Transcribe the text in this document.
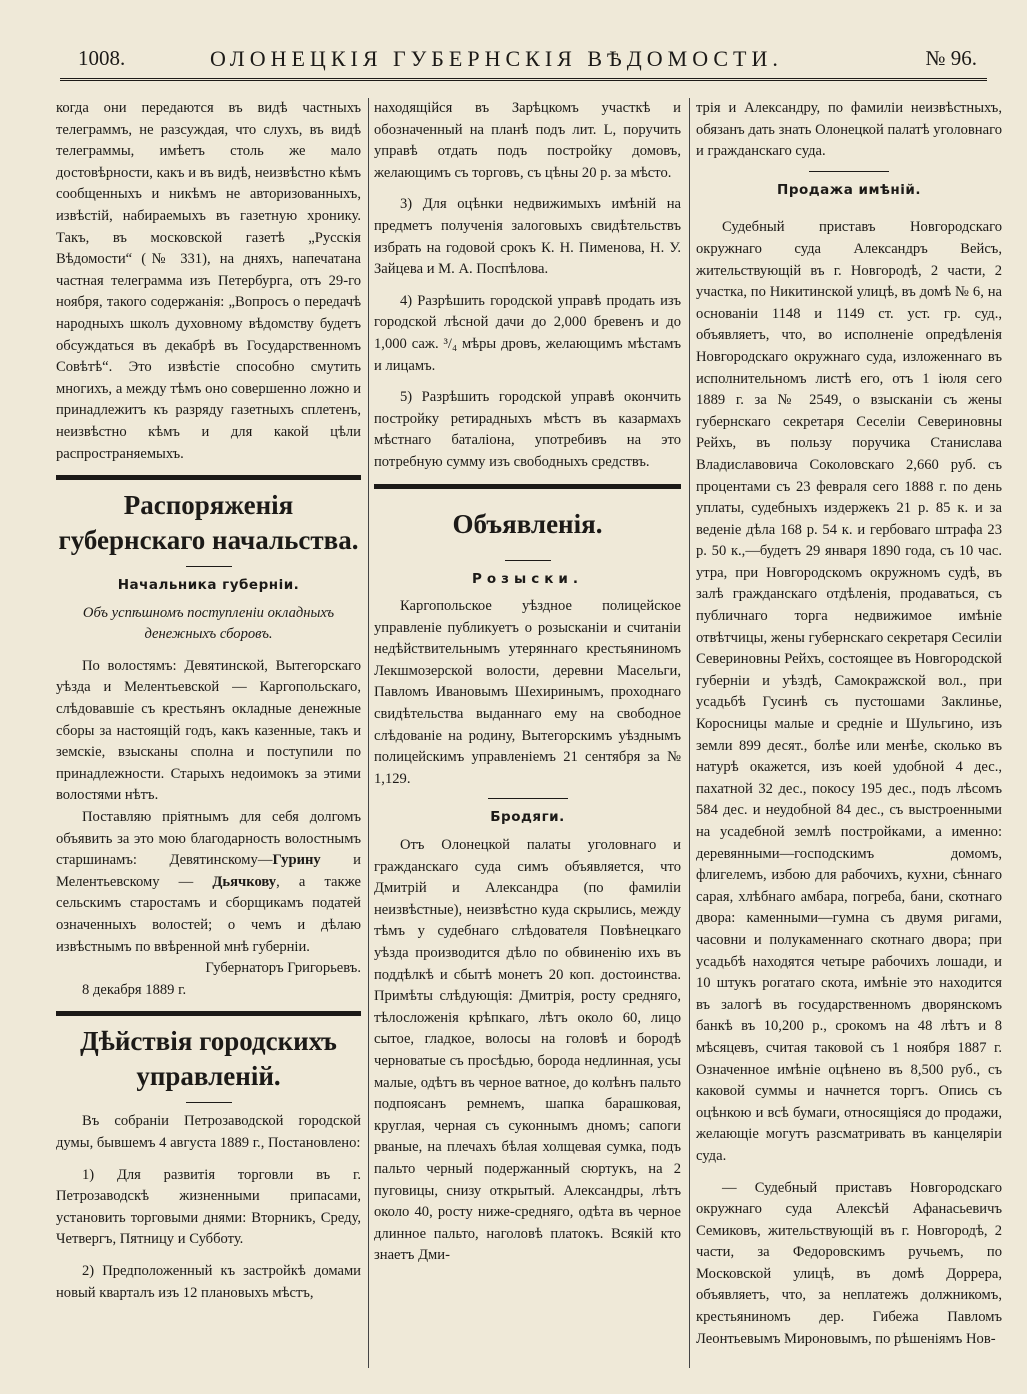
1008.	ОЛОНЕЦКІЯ ГУБЕРНСКІЯ ВѢДОМОСТИ.	№ 96.

когда они передаются въ видѣ частныхъ телеграммъ, не разсуждая, что слухъ, въ видѣ телеграммы, имѣетъ столь же мало достовѣрности, какъ и въ видѣ, неизвѣстно кѣмъ сообщенныхъ и никѣмъ не авторизованныхъ, извѣстій, набираемыхъ въ газетную хронику. Такъ, въ московской газетѣ „Русскія Вѣдомости“ (№ 331), на дняхъ, напечатана частная телеграмма изъ Петербурга, отъ 29-го ноября, такого содержанія: „Вопросъ о передачѣ народныхъ школъ духовному вѣдомству будетъ обсуждаться въ декабрѣ въ Государственномъ Совѣтѣ“. Это извѣстіе способно смутить многихъ, а между тѣмъ оно совершенно ложно и принадлежитъ къ разряду газетныхъ сплетенъ, неизвѣстно кѣмъ и для какой цѣли распространяемыхъ.

Распоряженія губернскаго начальства.
Начальника губерніи.

Объ успѣшномъ поступленіи окладныхъ денежныхъ сборовъ.

По волостямъ: Девятинской, Вытегорскаго уѣзда и Мелентьевской — Каргопольскаго, слѣдовавшіе съ крестьянъ окладные денежные сборы за настоящій годъ, какъ казенные, такъ и земскіе, взысканы сполна и поступили по принадлежности. Старыхъ недоимокъ за этими волостями нѣтъ.

Поставляю пріятнымъ для себя долгомъ объявить за это мою благодарность волостнымъ старшинамъ: Девятинскому—Гурину и Мелентьевскому — Дьячкову, а также сельскимъ старостамъ и сборщикамъ податей означенныхъ волостей; о чемъ и дѣлаю извѣстнымъ по ввѣренной мнѣ губерніи.

Губернаторъ Григорьевъ.

8 декабря 1889 г.

Дѣйствія городскихъ управленій.

Въ собраніи Петрозаводской городской думы, бывшемъ 4 августа 1889 г., Постановлено:

1) Для развитія торговли въ г. Петрозаводскѣ жизненными припасами, установить торговыми днями: Вторникъ, Среду, Четвергъ, Пятницу и Субботу.

2) Предположенный къ застройкѣ домами новый кварталъ изъ 12 плановыхъ мѣстъ,

находящійся въ Зарѣцкомъ участкѣ и обозначенный на планѣ подъ лит. L, поручить управѣ отдать подъ постройку домовъ, желающимъ съ торговъ, съ цѣны 20 р. за мѣсто.

3) Для оцѣнки недвижимыхъ имѣній на предметъ полученія залоговыхъ свидѣтельствъ избрать на годовой срокъ К. Н. Пименова, Н. У. Зайцева и М. А. Поспѣлова.

4) Разрѣшить городской управѣ продать изъ городской лѣсной дачи до 2,000 бревенъ и до 1,000 саж. ³/₄ мѣры дровъ, желающимъ мѣстамъ и лицамъ.

5) Разрѣшить городской управѣ окончить постройку ретирадныхъ мѣстъ въ казармахъ мѣстнаго баталіона, употребивъ на это потребную сумму изъ свободныхъ средствъ.

Объявленія.
Розыски.

Каргопольское уѣздное полицейское управленіе публикуетъ о розысканіи и считаніи недѣйствительнымъ утеряннаго крестьяниномъ Лекшмозерской волости, деревни Масельги, Павломъ Ивановымъ Шехиринымъ, проходнаго свидѣтельства выданнаго ему на свободное слѣдованіе на родину, Вытегорскимъ уѣзднымъ полицейскимъ управленіемъ 21 сентября за № 1,129.

Бродяги.

Отъ Олонецкой палаты уголовнаго и гражданскаго суда симъ объявляется, что Дмитрій и Александра (по фамиліи неизвѣстные), неизвѣстно куда скрылись, между тѣмъ у судебнаго слѣдователя Повѣнецкаго уѣзда производится дѣло по обвиненію ихъ въ поддѣлкѣ и сбытѣ монетъ 20 коп. достоинства. Примѣты слѣдующія: Дмитрія, росту средняго, тѣлосложенія крѣпкаго, лѣтъ около 60, лицо сытое, гладкое, волосы на головѣ и бородѣ черноватые съ просѣдью, борода недлинная, усы малые, одѣтъ въ черное ватное, до колѣнъ пальто подпоясанъ ремнемъ, шапка барашковая, круглая, черная съ суконнымъ дномъ; сапоги рваные, на плечахъ бѣлая холщевая сумка, подъ пальто черный подержанный сюртукъ, на 2 пуговицы, снизу открытый. Александры, лѣтъ около 40, росту ниже-средняго, одѣта въ черное длинное пальто, наголовѣ платокъ. Всякій кто знаетъ Дми-

трія и Александру, по фамиліи неизвѣстныхъ, обязанъ дать знать Олонецкой палатѣ уголовнаго и гражданскаго суда.

Продажа имѣній.

Судебный приставъ Новгородскаго окружнаго суда Александръ Вейсъ, жительствующій въ г. Новгородѣ, 2 части, 2 участка, по Никитинской улицѣ, въ домѣ № 6, на основаніи 1148 и 1149 ст. уст. гр. суд., объявляетъ, что, во исполненіе опредѣленія Новгородскаго окружнаго суда, изложеннаго въ исполнительномъ листѣ его, отъ 1 іюля сего 1889 г. за № 2549, о взысканіи съ жены губернскаго секретаря Сеселіи Севериновны Рейхъ, въ пользу поручика Станислава Владиславовича Соколовскаго 2,660 руб. съ процентами съ 23 февраля сего 1888 г. по день уплаты, судебныхъ издержекъ 21 р. 85 к. и за веденіе дѣла 168 р. 54 к. и гербоваго штрафа 23 р. 50 к.,—будетъ 29 января 1890 года, съ 10 час. утра, при Новгородскомъ окружномъ судѣ, въ залѣ гражданскаго отдѣленія, продаваться, съ публичнаго торга недвижимое имѣніе отвѣтчицы, жены губернскаго секретаря Сесиліи Севериновны Рейхъ, состоящее въ Новгородской губерніи и уѣздѣ, Самокражской вол., при усадьбѣ Гусинѣ съ пустошами Заклинье, Коросницы малые и средніе и Шульгино, изъ земли 899 десят., болѣе или менѣе, сколько въ натурѣ окажется, изъ коей удобной 4 дес., пахатной 32 дес., покосу 195 дес., подъ лѣсомъ 584 дес. и неудобной 84 дес., съ выстроенными на усадебной землѣ постройками, а именно: деревянными—господскимъ домомъ, флигелемъ, избою для рабочихъ, кухни, сѣннаго сарая, хлѣбнаго амбара, погреба, бани, скотнаго двора: каменными—гумна съ двумя ригами, часовни и полукаменнаго скотнаго двора; при усадьбѣ находятся четыре рабочихъ лошади, и 10 штукъ рогатаго скота, имѣніе это находится въ залогѣ въ государственномъ дворянскомъ банкѣ въ 10,200 р., срокомъ на 48 лѣтъ и 8 мѣсяцевъ, считая таковой съ 1 ноября 1887 г. Означенное имѣніе оцѣнено въ 8,500 руб., съ каковой суммы и начнется торгъ. Опись съ оцѣнкою и всѣ бумаги, относящіяся до продажи, желающіе могутъ разсматривать въ канцеляріи суда.

— Судебный приставъ Новгородскаго окружнаго суда Алексѣй Афанасьевичъ Семиковъ, жительствующій въ г. Новгородѣ, 2 части, за Федоровскимъ ручьемъ, по Московской улицѣ, въ домѣ Доррера, объявляетъ, что, за неплатежъ должникомъ, крестьяниномъ дер. Гибежа Павломъ Леонтьевымъ Мироновымъ, по рѣшеніямъ Нов-
